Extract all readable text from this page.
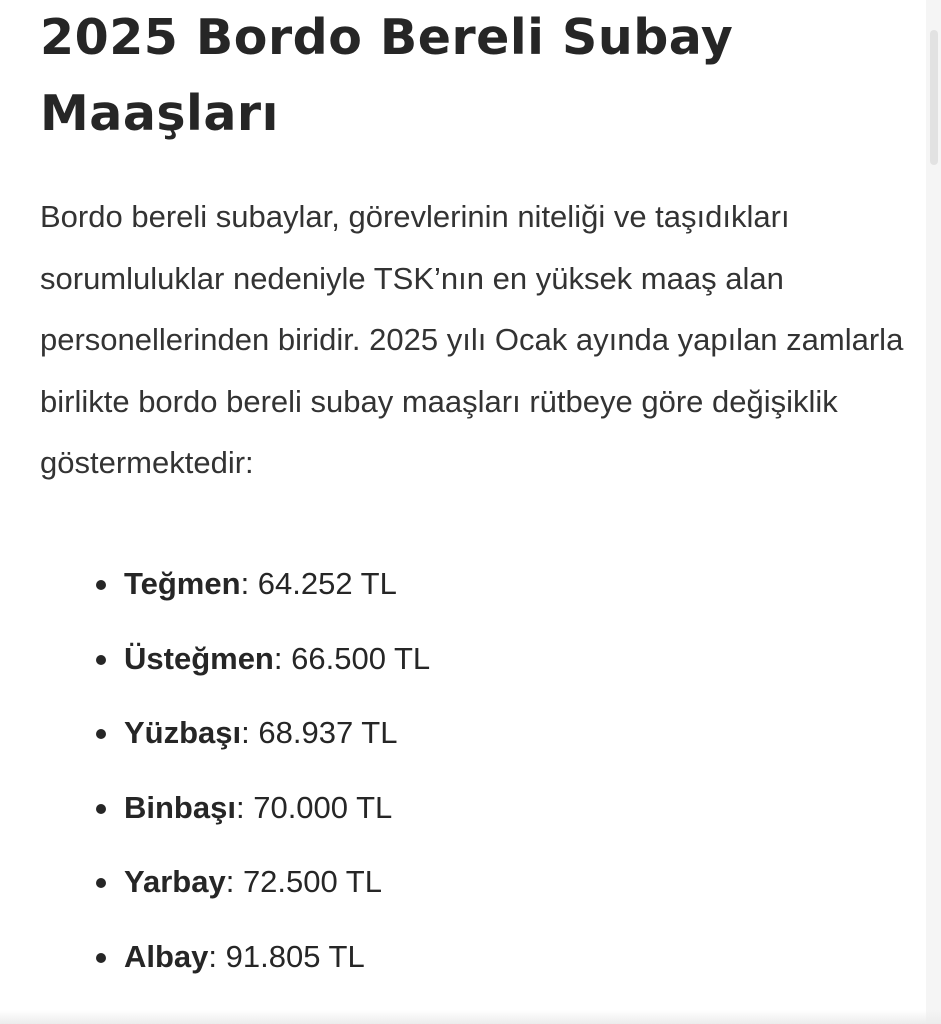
2025 Bordo Bereli Subay Maaşları

Bordo bereli subaylar, görevlerinin niteliği ve taşıdıkları sorumluluklar nedeniyle TSK’nın en yüksek maaş alan personellerinden biridir. 2025 yılı Ocak ayında yapılan zamlarla birlikte bordo bereli subay maaşları rütbeye göre değişiklik göstermektedir:

Teğmen: 64.252 TL
Üsteğmen: 66.500 TL
Yüzbaşı: 68.937 TL
Binbaşı: 70.000 TL
Yarbay: 72.500 TL
Albay: 91.805 TL
